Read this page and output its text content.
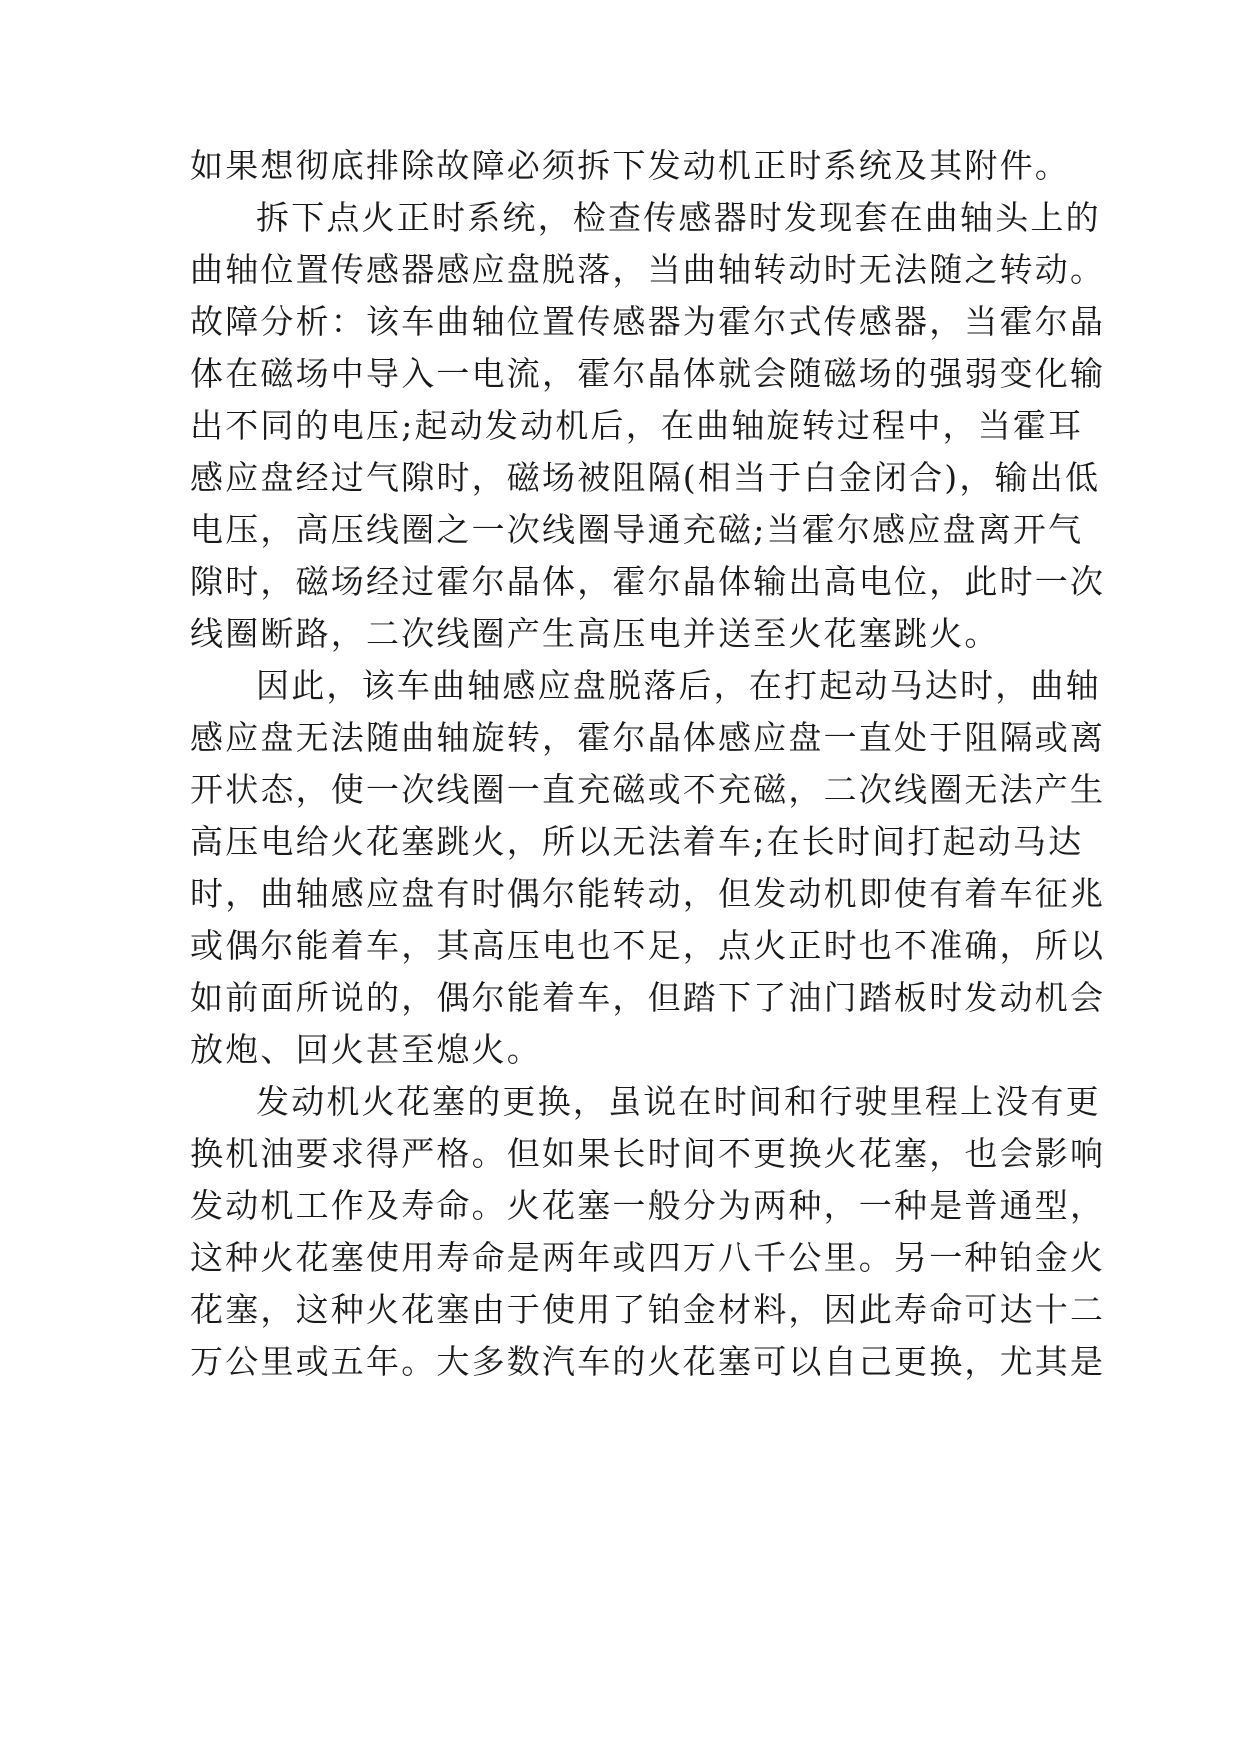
如果想彻底排除故障必须拆下发动机正时系统及其附件。
拆下点火正时系统，检查传感器时发现套在曲轴头上的
曲轴位置传感器感应盘脱落，当曲轴转动时无法随之转动。
故障分析：该车曲轴位置传感器为霍尔式传感器，当霍尔晶
体在磁场中导入一电流，霍尔晶体就会随磁场的强弱变化输
出不同的电压;起动发动机后，在曲轴旋转过程中，当霍耳
感应盘经过气隙时，磁场被阻隔(相当于白金闭合)，输出低
电压，高压线圈之一次线圈导通充磁;当霍尔感应盘离开气
隙时，磁场经过霍尔晶体，霍尔晶体输出高电位，此时一次
线圈断路，二次线圈产生高压电并送至火花塞跳火。
因此，该车曲轴感应盘脱落后，在打起动马达时，曲轴
感应盘无法随曲轴旋转，霍尔晶体感应盘一直处于阻隔或离
开状态，使一次线圈一直充磁或不充磁，二次线圈无法产生
高压电给火花塞跳火，所以无法着车;在长时间打起动马达
时，曲轴感应盘有时偶尔能转动，但发动机即使有着车征兆
或偶尔能着车，其高压电也不足，点火正时也不准确，所以
如前面所说的，偶尔能着车，但踏下了油门踏板时发动机会
放炮、回火甚至熄火。
发动机火花塞的更换，虽说在时间和行驶里程上没有更
换机油要求得严格。但如果长时间不更换火花塞，也会影响
发动机工作及寿命。火花塞一般分为两种，一种是普通型，
这种火花塞使用寿命是两年或四万八千公里。另一种铂金火
花塞，这种火花塞由于使用了铂金材料，因此寿命可达十二
万公里或五年。大多数汽车的火花塞可以自己更换，尤其是
